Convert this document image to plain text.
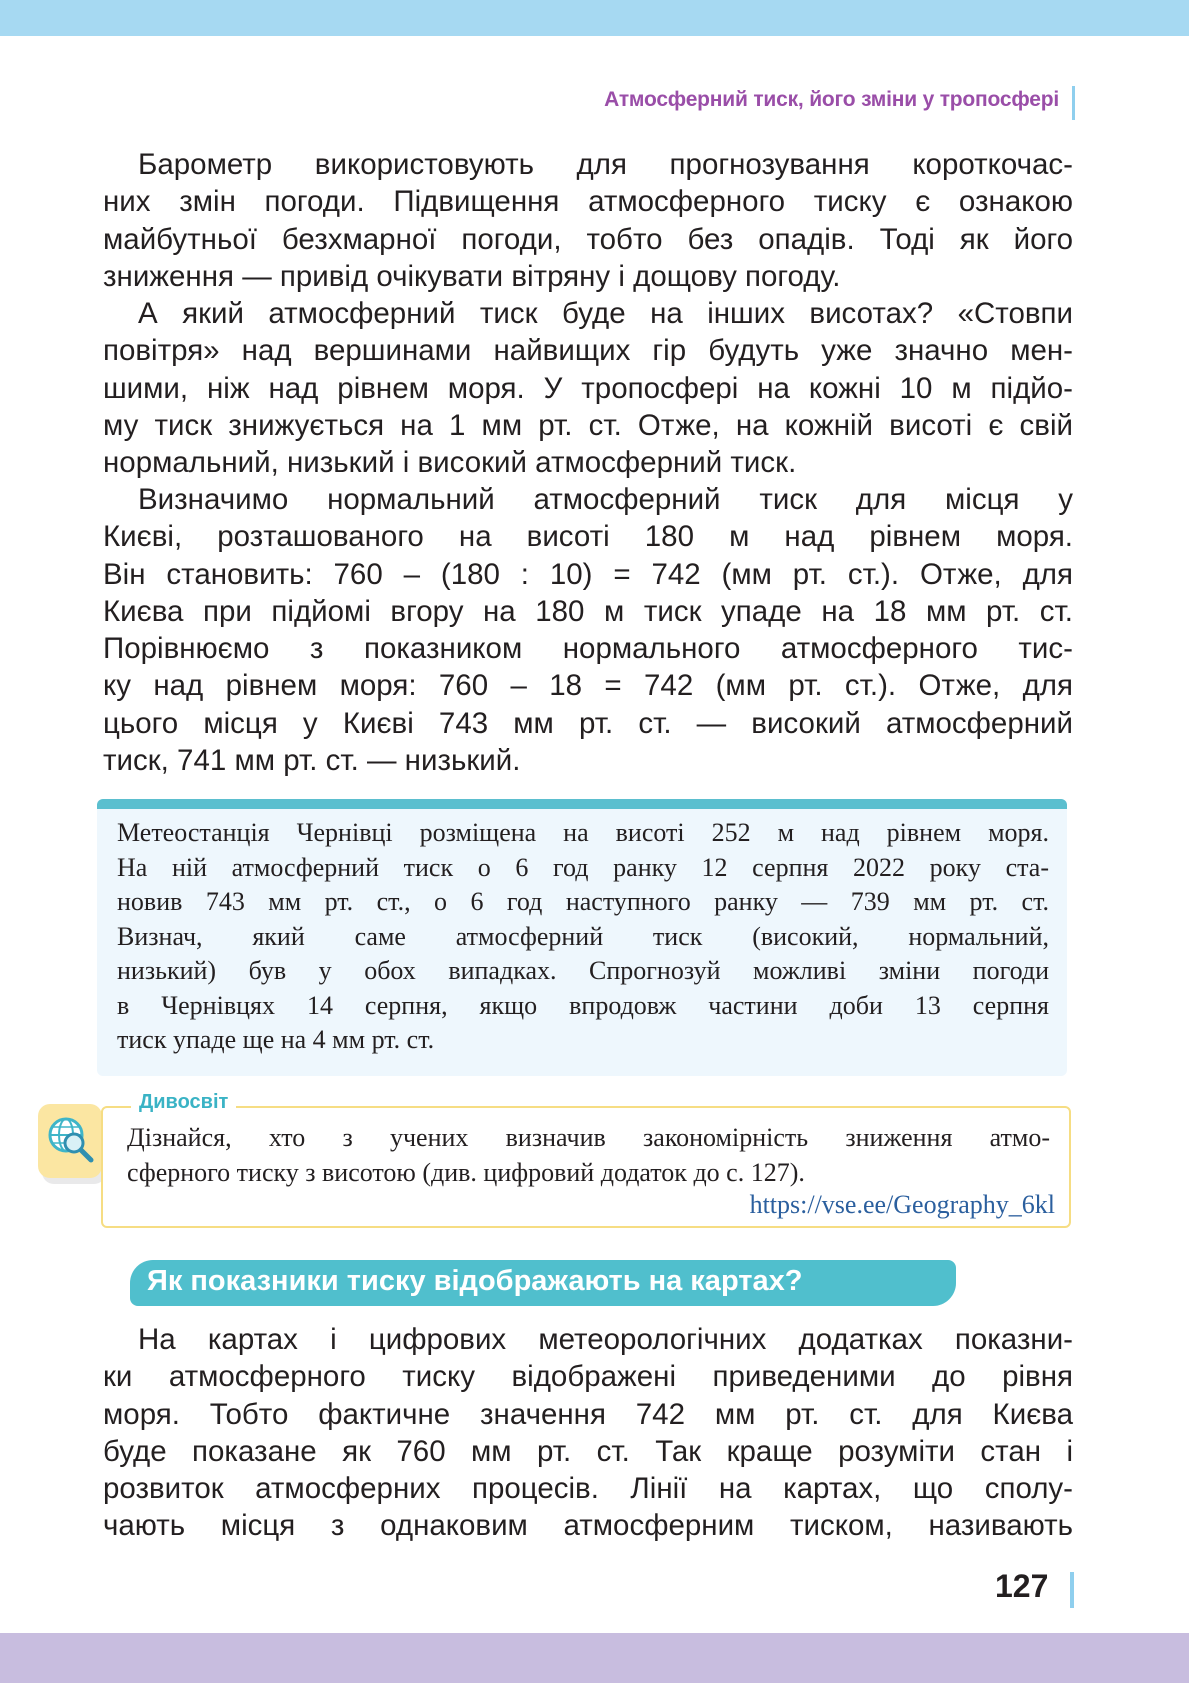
Атмосферний тиск, його зміни у тропосфері
Барометр використовують для прогнозування короткочас-
них змін погоди. Підвищення атмосферного тиску є ознакою
майбутньої безхмарної погоди, тобто без опадів. Тоді як його
зниження — привід очікувати вітряну і дощову погоду.
А який атмосферний тиск буде на інших висотах? «Стовпи
повітря» над вершинами найвищих гір будуть уже значно мен-
шими, ніж над рівнем моря. У тропосфері на кожні 10 м підйо-
му тиск знижується на 1 мм рт. ст. Отже, на кожній висоті є свій
нормальний, низький і високий атмосферний тиск.
Визначимо нормальний атмосферний тиск для місця у
Києві, розташованого на висоті 180 м над рівнем моря.
Він становить: 760 – (180 : 10) = 742 (мм рт. ст.). Отже, для
Києва при підйомі вгору на 180 м тиск упаде на 18 мм рт. ст.
Порівнюємо з показником нормального атмосферного тис-
ку над рівнем моря: 760 – 18 = 742 (мм рт. ст.). Отже, для
цього місця у Києві 743 мм рт. ст. — високий атмосферний
тиск, 741 мм рт. ст. — низький.
Метеостанція Чернівці розміщена на висоті 252 м над рівнем моря.
На ній атмосферний тиск о 6 год ранку 12 серпня 2022 року ста-
новив 743 мм рт. ст., о 6 год наступного ранку — 739 мм рт. ст.
Визнач, який саме атмосферний тиск (високий, нормальний,
низький) був у обох випадках. Спрогнозуй можливі зміни погоди
в Чернівцях 14 серпня, якщо впродовж частини доби 13 серпня
тиск упаде ще на 4 мм рт. ст.
Дивосвіт
Дізнайся, хто з учених визначив закономірність зниження атмо-
сферного тиску з висотою (див. цифровий додаток до с. 127).
https://vse.ee/Geography_6kl
Як показники тиску відображають на картах?
На картах і цифрових метеорологічних додатках показни-
ки атмосферного тиску відображені приведеними до рівня
моря. Тобто фактичне значення 742 мм рт. ст. для Києва
буде показане як 760 мм рт. ст. Так краще розуміти стан і
розвиток атмосферних процесів. Лінії на картах, що сполу-
чають місця з однаковим атмосферним тиском, називають
127
